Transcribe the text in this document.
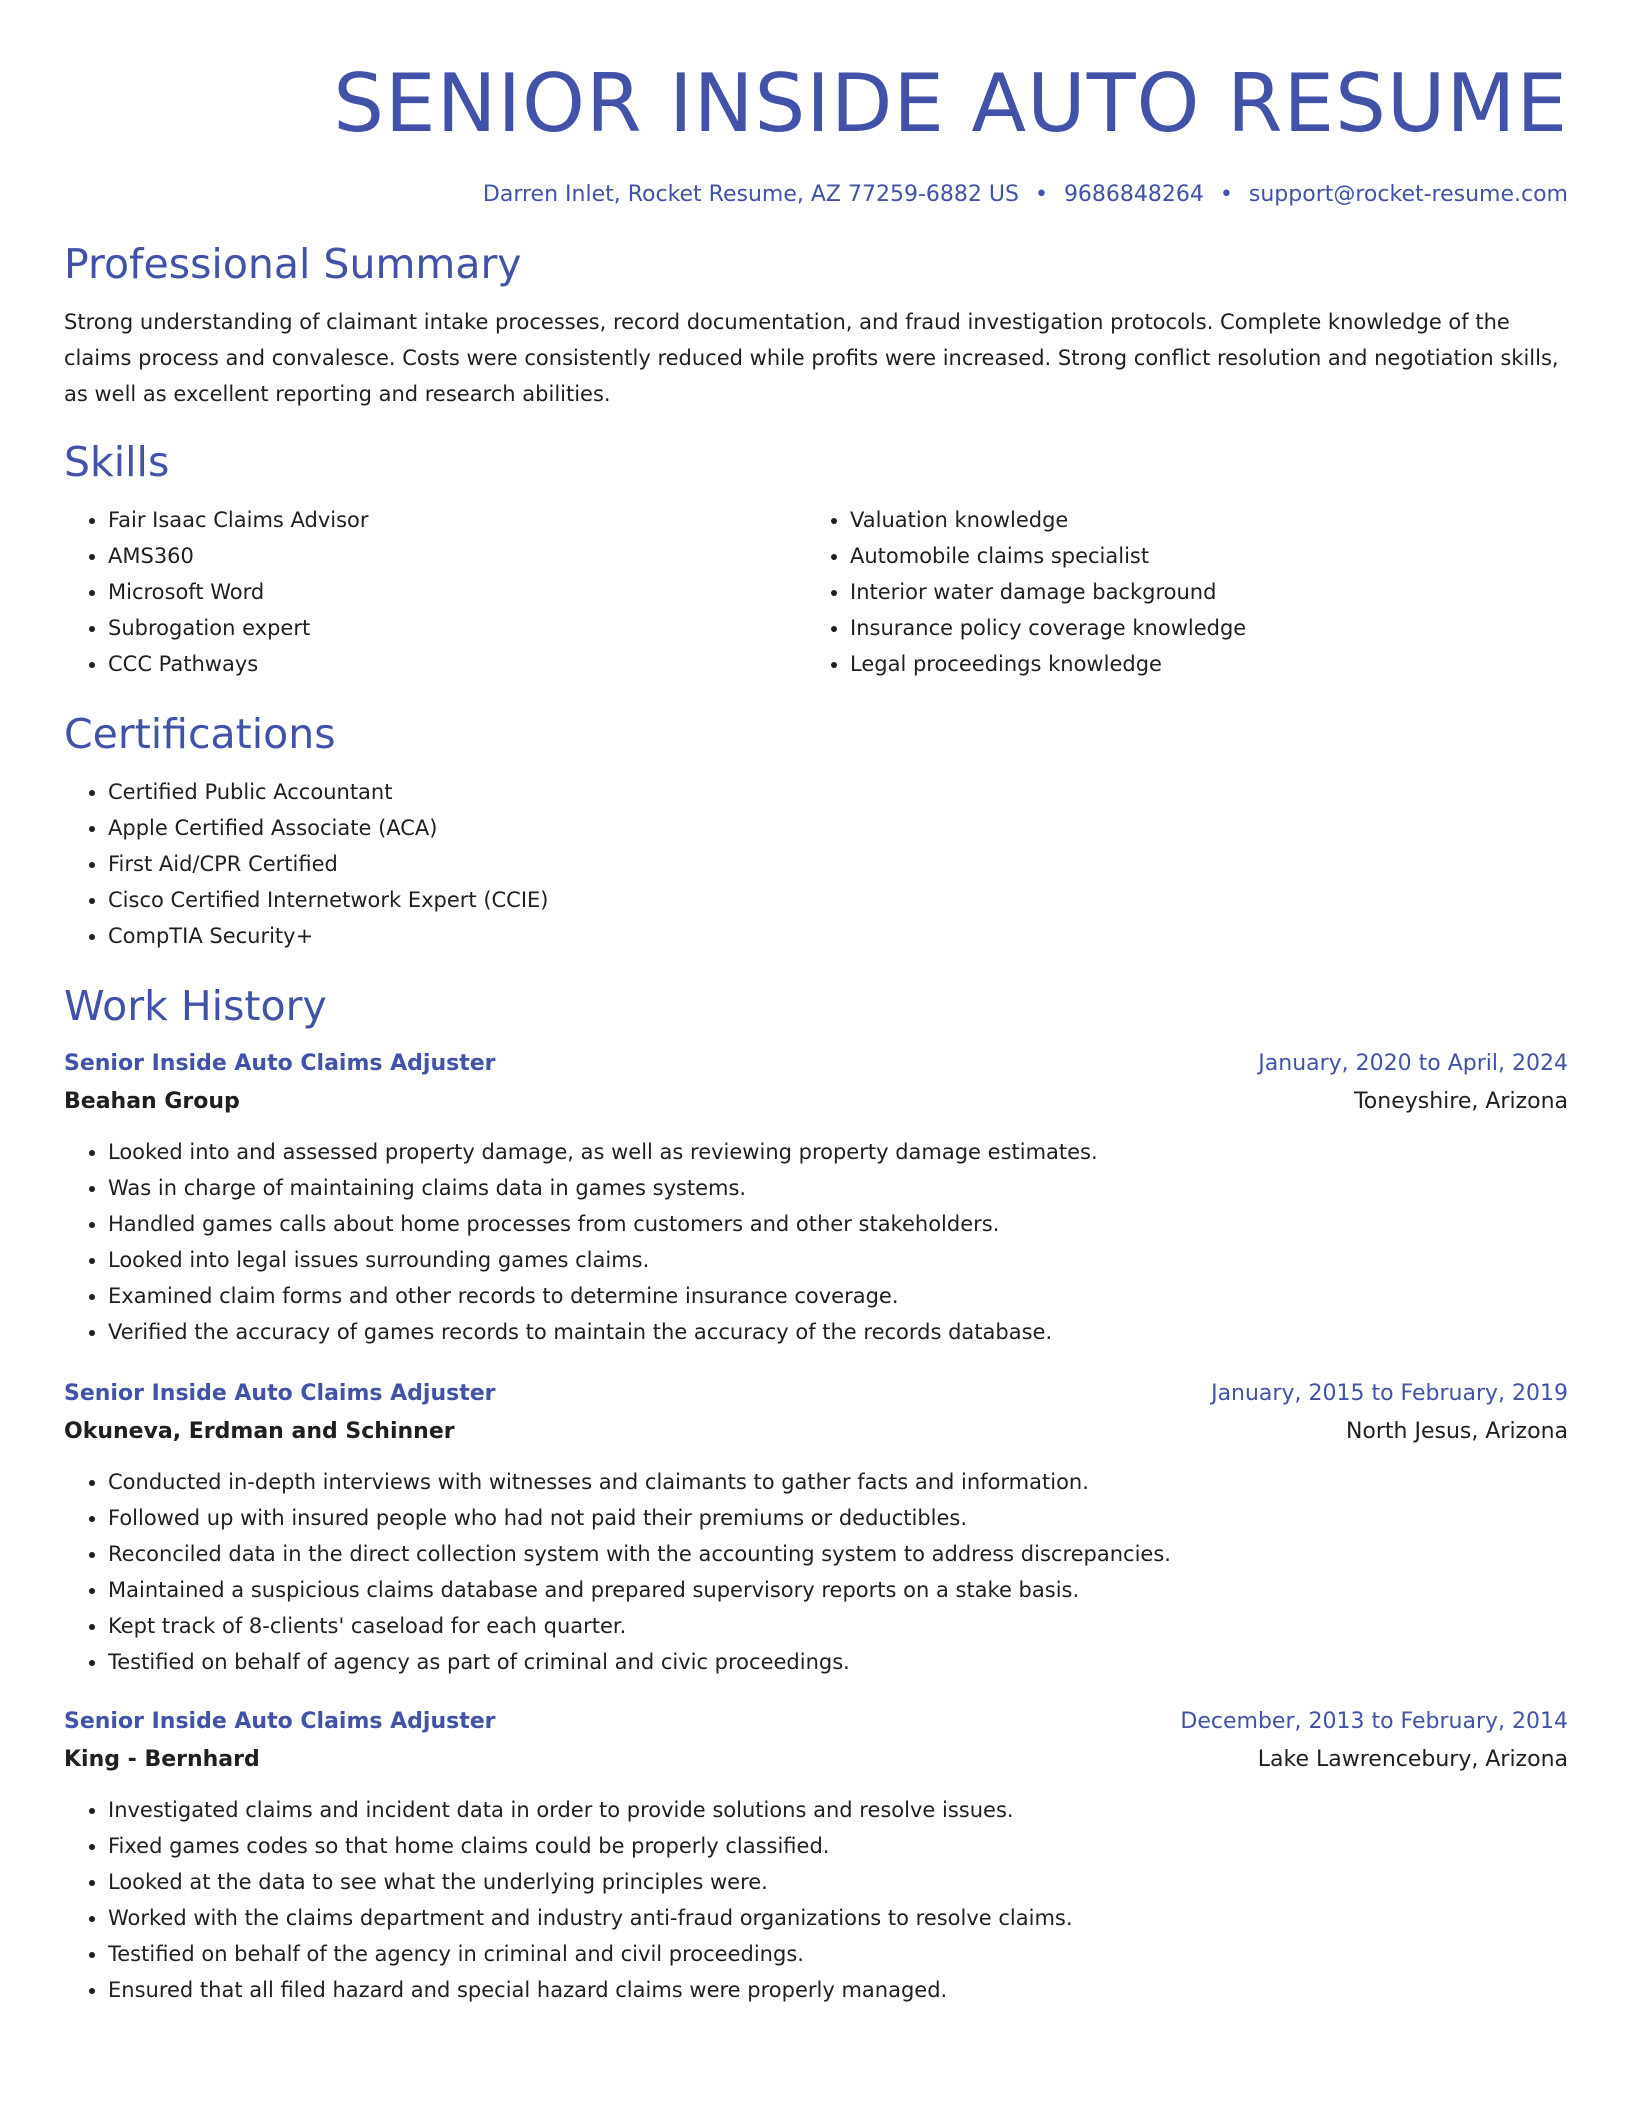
SENIOR INSIDE AUTO RESUME
Darren Inlet, Rocket Resume, AZ 77259-6882 US • 9686848264 • support@rocket-resume.com
Professional Summary
Strong understanding of claimant intake processes, record documentation, and fraud investigation protocols. Complete knowledge of the claims process and convalesce. Costs were consistently reduced while profits were increased. Strong conflict resolution and negotiation skills, as well as excellent reporting and research abilities.
Skills
• Fair Isaac Claims Advisor
• AMS360
• Microsoft Word
• Subrogation expert
• CCC Pathways
• Valuation knowledge
• Automobile claims specialist
• Interior water damage background
• Insurance policy coverage knowledge
• Legal proceedings knowledge
Certifications
• Certified Public Accountant
• Apple Certified Associate (ACA)
• First Aid/CPR Certified
• Cisco Certified Internetwork Expert (CCIE)
• CompTIA Security+
Work History
Senior Inside Auto Claims Adjuster	January, 2020 to April, 2024
Beahan Group	Toneyshire, Arizona
• Looked into and assessed property damage, as well as reviewing property damage estimates.
• Was in charge of maintaining claims data in games systems.
• Handled games calls about home processes from customers and other stakeholders.
• Looked into legal issues surrounding games claims.
• Examined claim forms and other records to determine insurance coverage.
• Verified the accuracy of games records to maintain the accuracy of the records database.
Senior Inside Auto Claims Adjuster	January, 2015 to February, 2019
Okuneva, Erdman and Schinner	North Jesus, Arizona
• Conducted in-depth interviews with witnesses and claimants to gather facts and information.
• Followed up with insured people who had not paid their premiums or deductibles.
• Reconciled data in the direct collection system with the accounting system to address discrepancies.
• Maintained a suspicious claims database and prepared supervisory reports on a stake basis.
• Kept track of 8-clients' caseload for each quarter.
• Testified on behalf of agency as part of criminal and civic proceedings.
Senior Inside Auto Claims Adjuster	December, 2013 to February, 2014
King - Bernhard	Lake Lawrencebury, Arizona
• Investigated claims and incident data in order to provide solutions and resolve issues.
• Fixed games codes so that home claims could be properly classified.
• Looked at the data to see what the underlying principles were.
• Worked with the claims department and industry anti-fraud organizations to resolve claims.
• Testified on behalf of the agency in criminal and civil proceedings.
• Ensured that all filed hazard and special hazard claims were properly managed.
